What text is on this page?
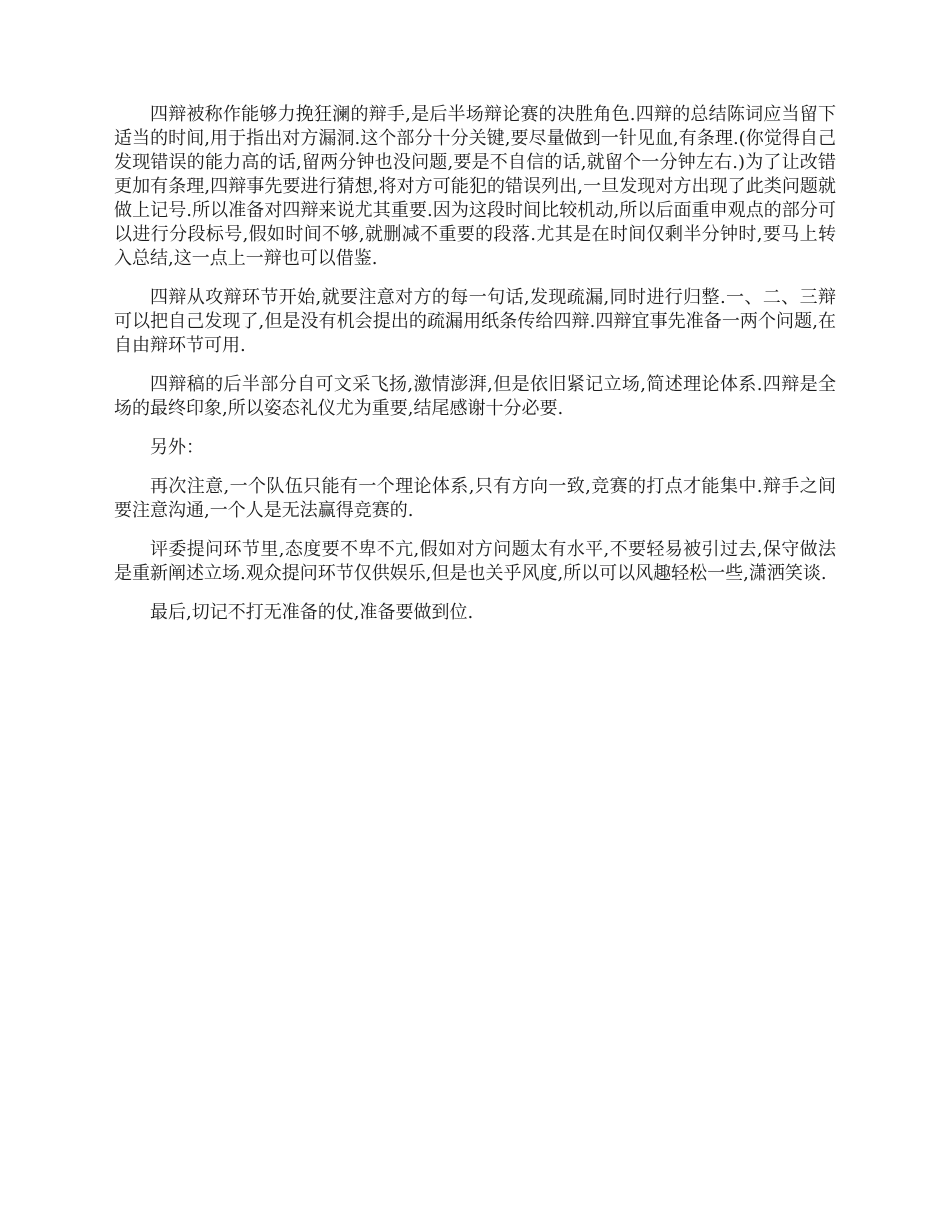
四辩被称作能够力挽狂澜的辩手,是后半场辩论赛的决胜角色.四辩的总结陈词应当留下适当的时间,用于指出对方漏洞.这个部分十分关键,要尽量做到一针见血,有条理.(你觉得自己发现错误的能力高的话,留两分钟也没问题,要是不自信的话,就留个一分钟左右.)为了让改错更加有条理,四辩事先要进行猜想,将对方可能犯的错误列出,一旦发现对方出现了此类问题就做上记号.所以准备对四辩来说尤其重要.因为这段时间比较机动,所以后面重申观点的部分可以进行分段标号,假如时间不够,就删减不重要的段落.尤其是在时间仅剩半分钟时,要马上转入总结,这一点上一辩也可以借鉴.

四辩从攻辩环节开始,就要注意对方的每一句话,发现疏漏,同时进行归整.一、二、三辩可以把自己发现了,但是没有机会提出的疏漏用纸条传给四辩.四辩宜事先准备一两个问题,在自由辩环节可用.

四辩稿的后半部分自可文采飞扬,激情澎湃,但是依旧紧记立场,简述理论体系.四辩是全场的最终印象,所以姿态礼仪尤为重要,结尾感谢十分必要.

另外：

再次注意,一个队伍只能有一个理论体系,只有方向一致,竞赛的打点才能集中.辩手之间要注意沟通,一个人是无法赢得竞赛的.

评委提问环节里,态度要不卑不亢,假如对方问题太有水平,不要轻易被引过去,保守做法是重新阐述立场.观众提问环节仅供娱乐,但是也关乎风度,所以可以风趣轻松一些,潇洒笑谈.

最后,切记不打无准备的仗,准备要做到位.
